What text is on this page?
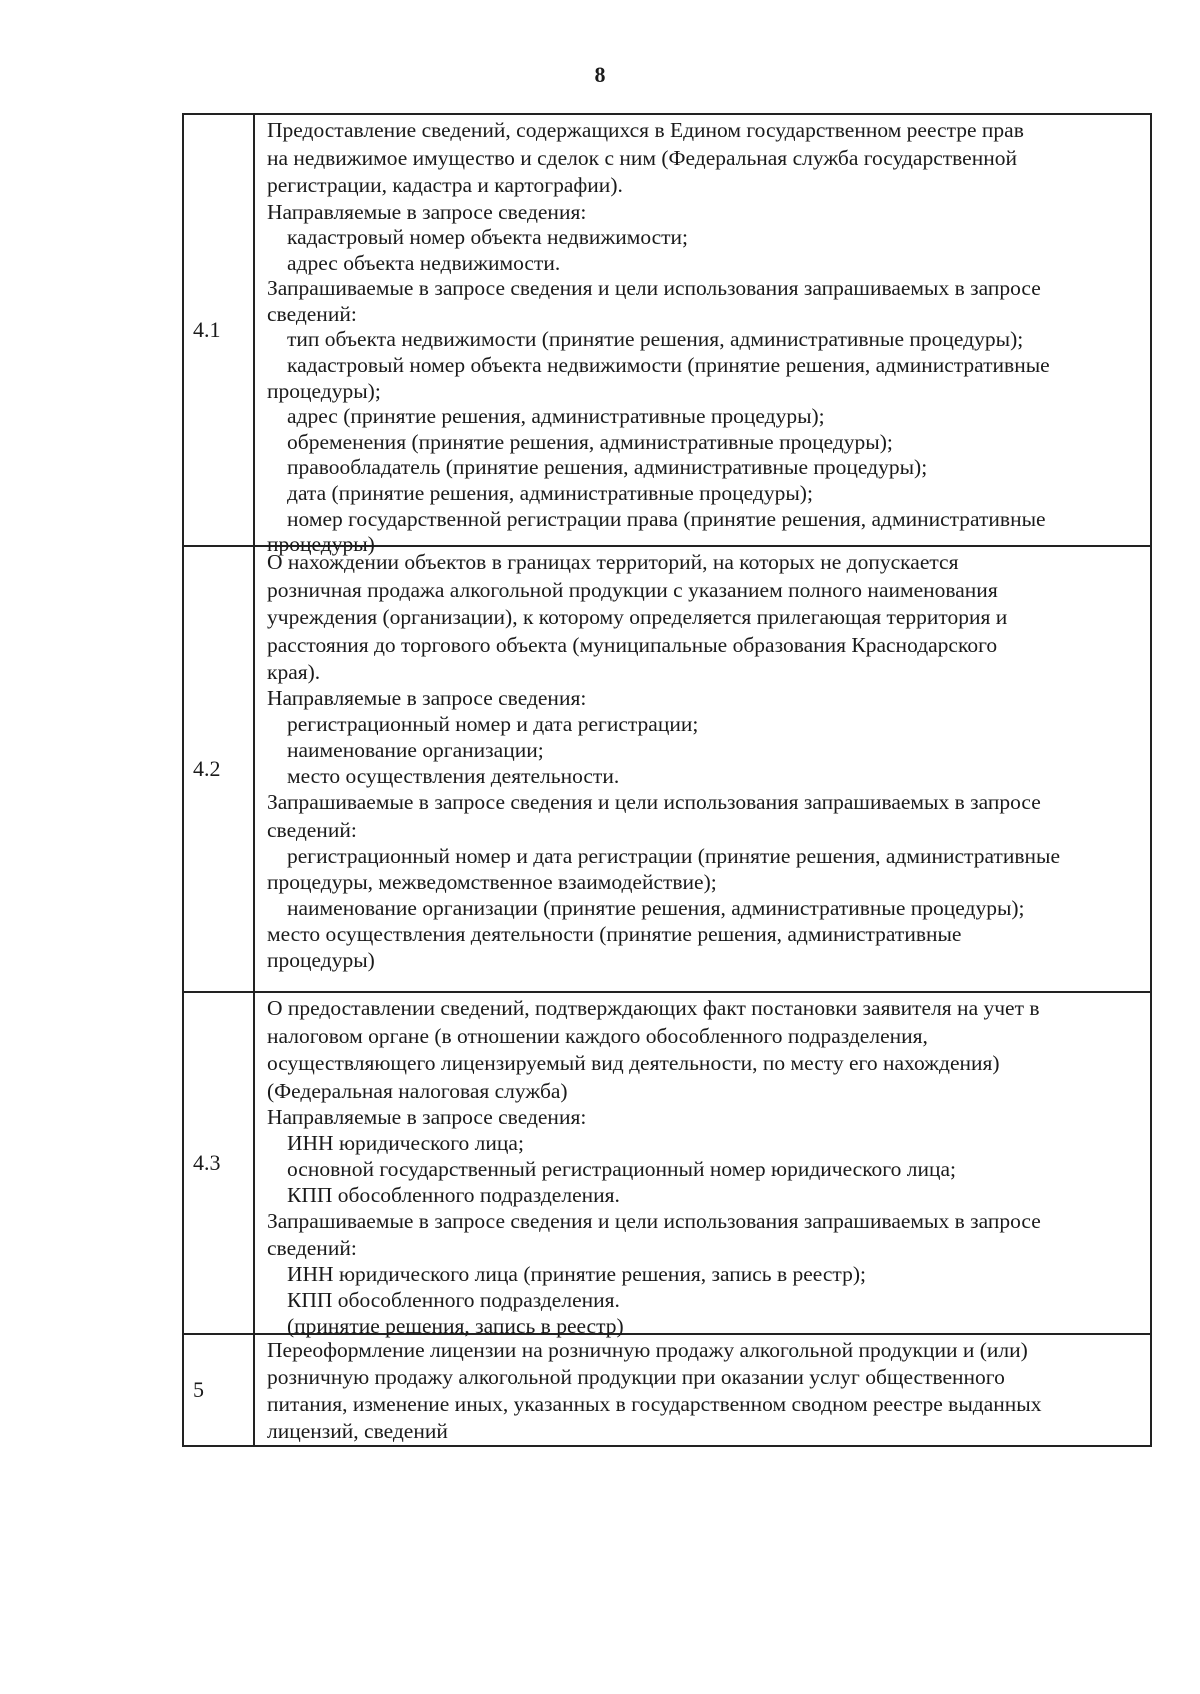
8
4.1
Предоставление сведений, содержащихся в Едином государственном реестре прав
на недвижимое имущество и сделок с ним (Федеральная служба государственной
регистрации, кадастра и картографии).
Направляемые в запросе сведения:
кадастровый номер объекта недвижимости;
адрес объекта недвижимости.
Запрашиваемые в запросе сведения и цели использования запрашиваемых в запросе
сведений:
тип объекта недвижимости (принятие решения, административные процедуры);
кадастровый номер объекта недвижимости (принятие решения, административные
процедуры);
адрес (принятие решения, административные процедуры);
обременения (принятие решения, административные процедуры);
правообладатель (принятие решения, административные процедуры);
дата (принятие решения, административные процедуры);
номер государственной регистрации права (принятие решения, административные
процедуры)
4.2
О нахождении объектов в границах территорий, на которых не допускается
розничная продажа алкогольной продукции с указанием полного наименования
учреждения (организации), к которому определяется прилегающая территория и
расстояния до торгового объекта (муниципальные образования Краснодарского
края).
Направляемые в запросе сведения:
регистрационный номер и дата регистрации;
наименование организации;
место осуществления деятельности.
Запрашиваемые в запросе сведения и цели использования запрашиваемых в запросе
сведений:
регистрационный номер и дата регистрации (принятие решения, административные
процедуры, межведомственное взаимодействие);
наименование организации (принятие решения, административные процедуры);
место осуществления деятельности (принятие решения, административные
процедуры)
4.3
О предоставлении сведений, подтверждающих факт постановки заявителя на учет в
налоговом органе (в отношении каждого обособленного подразделения,
осуществляющего лицензируемый вид деятельности, по месту его нахождения)
(Федеральная налоговая служба)
Направляемые в запросе сведения:
ИНН юридического лица;
основной государственный регистрационный номер юридического лица;
КПП обособленного подразделения.
Запрашиваемые в запросе сведения и цели использования запрашиваемых в запросе
сведений:
ИНН юридического лица (принятие решения, запись в реестр);
КПП обособленного подразделения.
(принятие решения, запись в реестр)
5
Переоформление лицензии на розничную продажу алкогольной продукции и (или)
розничную продажу алкогольной продукции при оказании услуг общественного
питания, изменение иных, указанных в государственном сводном реестре выданных
лицензий, сведений
